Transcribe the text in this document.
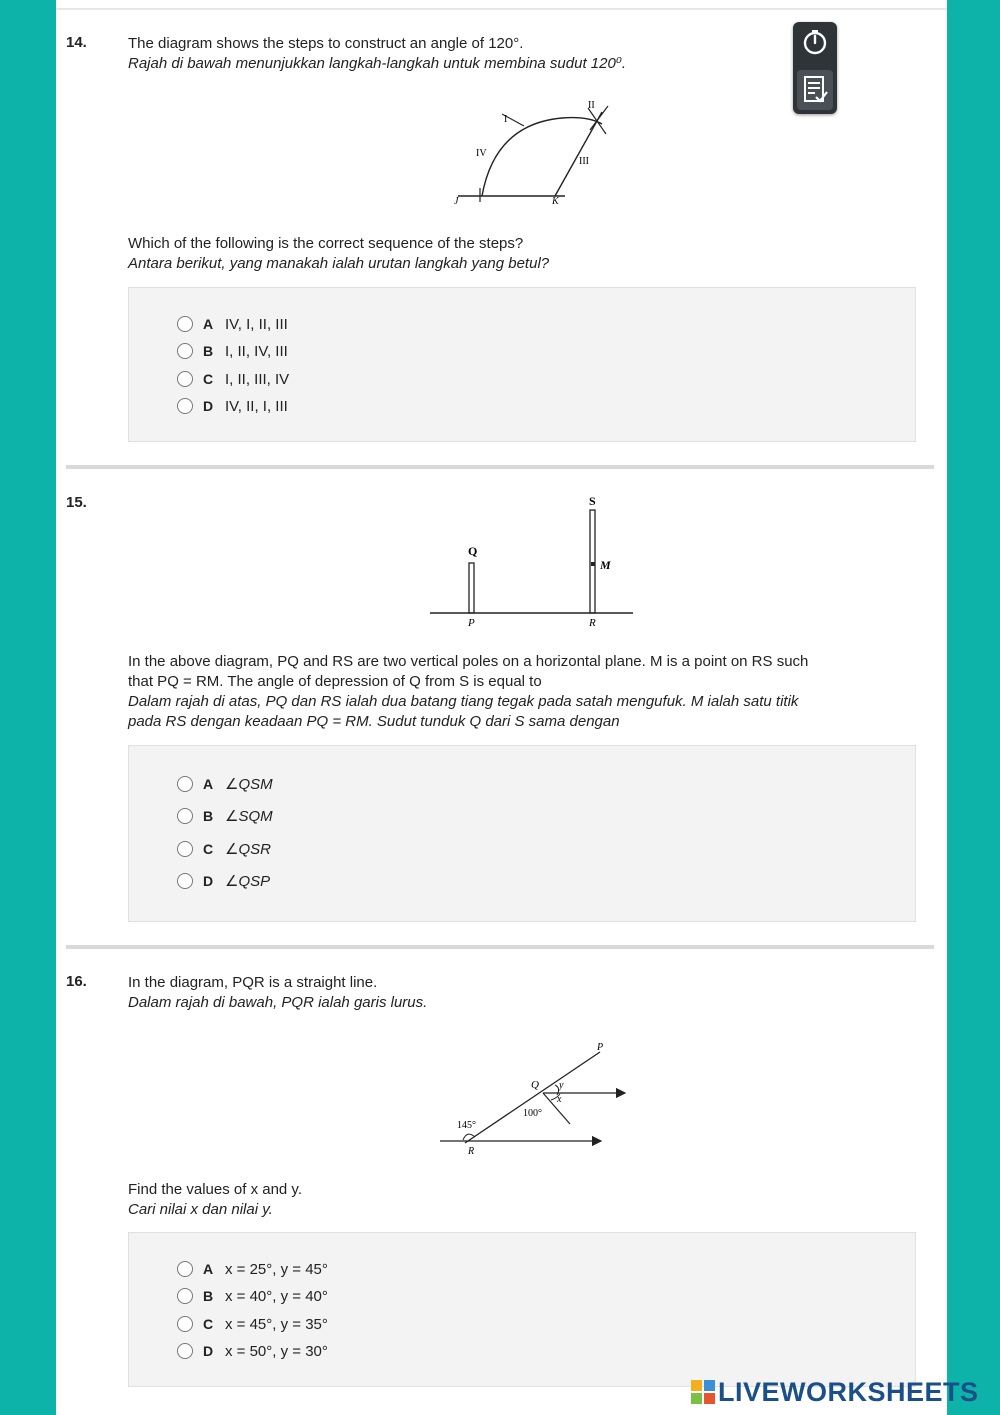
14.	The diagram shows the steps to construct an angle of 120°.
Rajah di bawah menunjukkan langkah-langkah untuk membina sudut 120⁰.
I
II
III
IV
J	K
Which of the following is the correct sequence of the steps?
Antara berikut, yang manakah ialah urutan langkah yang betul?
A IV, I, II, III
B I, II, IV, III
C I, II, III, IV
D IV, II, I, III
15.	S
Q
M
P	R
In the above diagram, PQ and RS are two vertical poles on a horizontal plane. M is a point on RS such
that PQ = RM. The angle of depression of Q from S is equal to
Dalam rajah di atas, PQ dan RS ialah dua batang tiang tegak pada satah mengufuk. M ialah satu titik
pada RS dengan keadaan PQ = RM. Sudut tunduk Q dari S sama dengan
A ∠QSM
B ∠SQM
C ∠QSR
D ∠QSP
16.	In the diagram, PQR is a straight line.
Dalam rajah di bawah, PQR ialah garis lurus.
P
Q y
x
100°
145°
R
Find the values of x and y.
Cari nilai x dan nilai y.
A x = 25°, y = 45°
B x = 40°, y = 40°
C x = 45°, y = 35°
D x = 50°, y = 30°
LIVEWORKSHEETS
